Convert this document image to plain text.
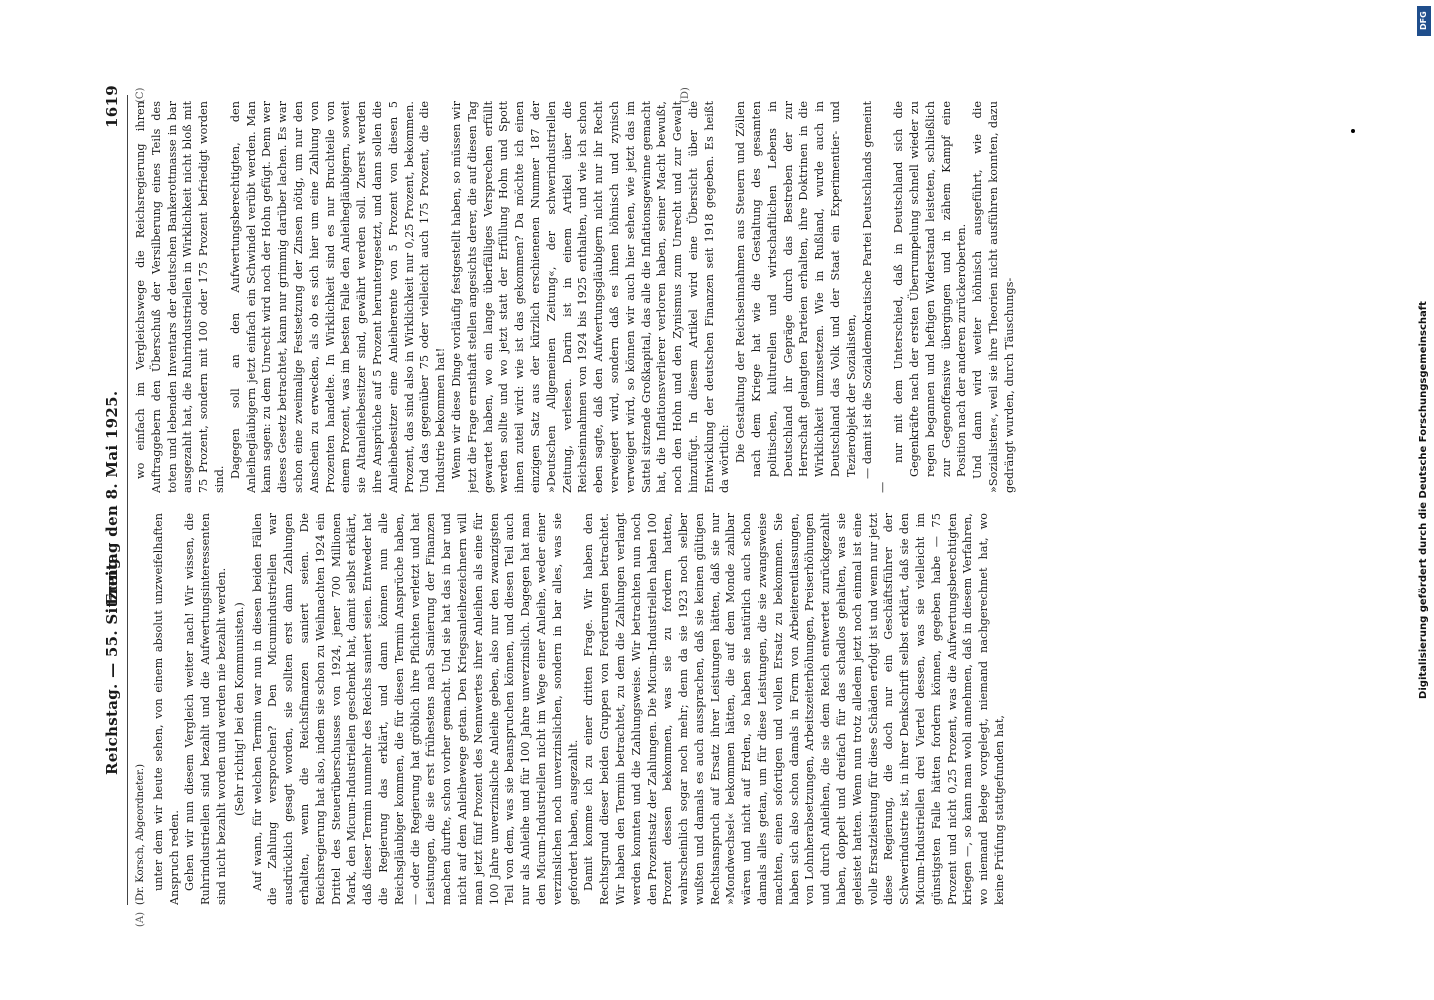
Reichstag. — 55. Sitzung.
Freitag den 8. Mai 1925.
1619
(A)
(C)	(D)
(Dr. Korsch, Abgeordneter.) unter dem wir heute sehen, von einem absolut unzweifelhaften Anspruch reden. Gehen wir nun diesem Vergleich weiter nach! Wir wissen, die Ruhrindustriellen sind bezahlt und die Aufwertungsinteressenten sind nicht bezahlt worden und werden nie bezahlt werden. (Sehr richtig! bei den Kommunisten.) Auf wann, für welchen Termin war nun in diesen beiden Fällen die Zahlung versprochen? Den Micumindustriellen war ausdrücklich gesagt worden, sie sollten erst dann Zahlungen erhalten, wenn die Reichsfinanzen saniert seien. Die Reichsregierung hat also, indem sie schon zu Weihnachten 1924 ein Drittel des Steuerüberschusses von 1924, jener 700 Millionen Mark, den Micum-Industriellen geschenkt hat, damit selbst erklärt, daß dieser Termin nunmehr des Reichs saniert seien. Entweder hat die Regierung das erklärt, und dann können nun alle Reichsgläubiger kommen, die für diesen Termin Ansprüche haben, — oder die Regierung hat gröblich ihre Pflichten verletzt und hat Leistungen, die sie erst frühestens nach Sanierung der Finanzen machen durfte, schon vorher gemacht. Und sie hat das in bar und nicht auf dem Anleihewege getan. Den Kriegsanleihezeichnern will man jetzt fünf Prozent des Nennwertes ihrer Anleihen als eine für 100 Jahre unverzinsliche Anleihe geben, also nur den zwanzigsten Teil von dem, was sie beanspruchen können, und diesen Teil auch nur als Anleihe und für 100 Jahre unverzinslich. Dagegen hat man den Micum-Industriellen nicht im Wege einer Anleihe, weder einer verzinslichen noch unverzinslichen, sondern in bar alles, was sie gefordert haben, ausgezahlt. Damit komme ich zu einer dritten Frage. Wir haben den Rechtsgrund dieser beiden Gruppen von Forderungen betrachtet. Wir haben den Termin betrachtet, zu dem die Zahlungen verlangt werden konnten und die Zahlungsweise. Wir betrachten nun noch den Prozentsatz der Zahlungen. Die Micum-Industriellen haben 100 Prozent dessen bekommen, was sie zu fordern hatten, wahrscheinlich sogar noch mehr; denn da sie 1923 noch selber wußten und damals es auch aussprachen, daß sie keinen gültigen Rechtsanspruch auf Ersatz ihrer Leistungen hätten, daß sie nur »Mondwechsel« bekommen hätten, die auf dem Monde zahlbar wären und nicht auf Erden, so haben sie natürlich auch schon damals alles getan, um für diese Leistungen, die sie zwangsweise machten, einen sofortigen und vollen Ersatz zu bekommen. Sie haben sich also schon damals in Form von Arbeiterentlassungen, von Lohnherabsetzungen, Arbeitszeiterhöhungen, Preiserhöhungen und durch Anleihen, die sie dem Reich entwertet zurückgezahlt haben, doppelt und dreifach für das schadlos gehalten, was sie geleistet hatten. Wenn nun trotz alledem jetzt noch einmal ist eine volle Ersatzleistung für diese Schäden erfolgt ist und wenn nur jetzt diese Regierung, die doch nur ein Geschäftsführer der Schwerindustrie ist, in ihrer Denkschrift selbst erklärt, daß sie den Micum-Industriellen drei Viertel dessen, was sie vielleicht im günstigsten Falle hätten fordern können, gegeben habe — 75 Prozent und nicht 0,25 Prozent, was die Aufwertungsberechtigten kriegen —, so kann man wohl annehmen, daß in diesem Verfahren, wo niemand Belege vorgelegt, niemand nachgerechnet hat, wo keine Prüfung stattgefunden hat,

wo einfach im Vergleichswege die Reichsregierung ihren Auftraggebern den Überschuß der Versilberung eines Teils des toten und lebenden Inventars der deutschen Bankerottmasse in bar ausgezahlt hat, die Ruhrindustriellen in Wirklichkeit nicht bloß mit 75 Prozent, sondern mit 100 oder 175 Prozent befriedigt worden sind.

Dagegen soll an den Aufwertungsberechtigten, den Anleihegläubigern jetzt einfach ein Schwindel verübt werden. Man kann sagen: zu dem Unrecht wird noch der Hohn gefügt. Denn wer dieses Gesetz betrachtet, kann nur grimmig darüber lachen. Es war schon eine zweimalige Festsetzung der Zinsen nötig, um nur den Anschein zu erwecken, als ob es sich hier um eine Zahlung von Prozenten handelte. In Wirklichkeit sind es nur Bruchteile von einem Prozent, was im besten Falle den Anleihegläubigern, soweit sie Altanleihebesitzer sind, gewährt werden soll. Zuerst werden ihre Ansprüche auf 5 Prozent heruntergesetzt, und dann sollen die Anleihebesitzer eine Anleiherente von 5 Prozent von diesen 5 Prozent, das sind also in Wirklichkeit nur 0,25 Prozent, bekommen. Und das gegenüber 75 oder vielleicht auch 175 Prozent, die die Industrie bekommen hat! Wenn wir diese Dinge vorläufig festgestellt haben, so müssen wir jetzt die Frage ernsthaft stellen angesichts derer, die auf diesen Tag gewartet haben, wo ein lange überfälliges Versprechen erfüllt werden sollte und wo jetzt statt der Erfüllung Hohn und Spott ihnen zuteil wird: wie ist das gekommen? Da möchte ich einen einzigen Satz aus der kürzlich erschienenen Nummer 187 der »Deutschen Allgemeinen Zeitung«, der schwerindustriellen Zeitung, verlesen. Darin ist in einem Artikel über die Reichseinnahmen von 1924 bis 1925 enthalten, und wie ich schon eben sagte, daß den Aufwertungsgläubigern nicht nur ihr Recht verweigert wird, sondern daß es ihnen höhnisch und zynisch verweigert wird, so können wir auch hier sehen, wie jetzt das im Sattel sitzende Großkapital, das alle die Inflationsgewinne gemacht hat, die Inflationsverlierer verloren haben, seiner Macht bewußt, noch den Hohn und den Zynismus zum Unrecht und zur Gewalt hinzufügt. In diesem Artikel wird eine Übersicht über die Entwicklung der deutschen Finanzen seit 1918 gegeben. Es heißt da wörtlich: Die Gestaltung der Reichseinnahmen aus Steuern und Zöllen nach dem Kriege hat wie die Gestaltung des gesamten politischen, kulturellen und wirtschaftlichen Lebens in Deutschland ihr Gepräge durch das Bestreben der zur Herrschaft gelangten Parteien erhalten, ihre Doktrinen in die Wirklichkeit umzusetzen. Wie in Rußland, wurde auch in Deutschland das Volk und der Staat ein Experimentier- und Tezierobjekt der Sozialisten, — damit ist die Sozialdemokratische Partei Deutschlands gemeint —

nur mit dem Unterschied, daß in Deutschland sich die Gegenkräfte nach der ersten Überrumpelung schnell wieder zu regen begannen und heftigen Widerstand leisteten, schließlich zur Gegenoffensive übergingen und in zähem Kampf eine Position nach der anderen zurückeroberten. Und dann wird weiter höhnisch ausgeführt, wie die »Sozialisten«, weil sie ihre Theorien nicht ausführen konnten, dazu gedrängt wurden, durch Täuschungs-

DFG
Digitalisierung gefördert durch die Deutsche Forschungsgemeinschaft
